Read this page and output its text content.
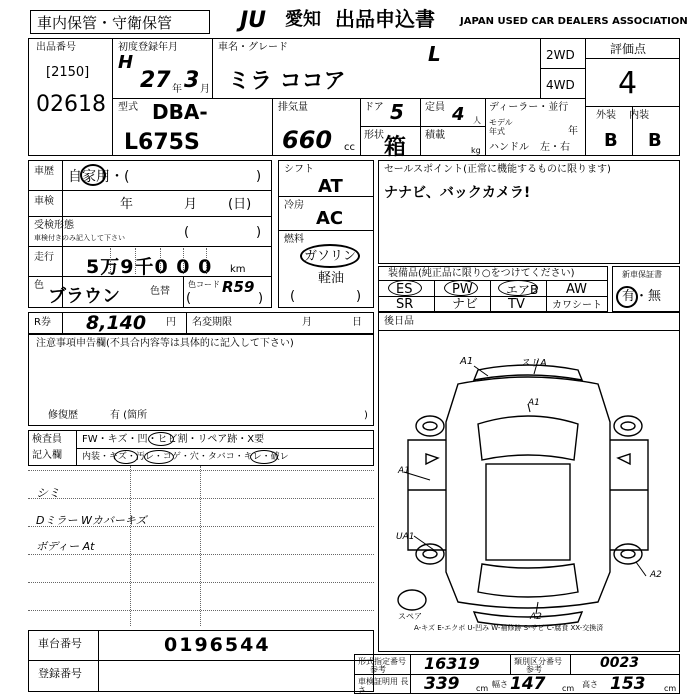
車内保管・守衛保管	JU	愛知 出品申込書	JAPAN USED CAR DEALERS ASSOCIATION
出品番号
[2150]
02618
初度登録年月
H
27 年 3 月
車名・グレード
ミラ ココア
L	2WD
4WD
評価点
4
外装 内装
B B
型式 DBA-
L675S
排気量
660 cc
ドア 5
形状 箱
定員 4 人
積載
kg
ディーラー・並行
モデル 年式	年
ハンドル 左・右
車歴 自家用・(	)
車検	年	月 (日)
受検形態
車検付きのみ記入して下さい	(	)
走行 5万9千0 0 0 km
色
ブラウン	色替
色コード
(
R59
)
シフト
AT
冷房
AC
燃料
ガソリン
軽油
(	)
セールスポイント(正常に機能するものに限ります)
ナナビ、バックカメラ!
装備品(純正品に限り○をつけてください)
ES	PW	エアB AW
SR	ナビ TV	カワシート
新車保証書
有・無
R券 8,140 円 名変期限	月	日
注意事項申告欄(不具合内容等は具体的に記入して下さい)
修復歴	有 (箇所	)
検査員
記入欄
FW・キズ・凹・ヒビ割・リペア跡・X要
内装・キズ・汚レ・コゲ・穴・タバコ・キレ・破レ
シミ
Dミラー Wカバーキズ
ボディー At
後日品
A1	スリA
A1
A1
UA1
A2
A2
スペア
A-キズ E-エクボ U-凹み W-補修跡 S-サビ C-腐食 XX-交換済
車台番号	0196544
登録番号
形式指定番号
参考 16319	類別区分番号
参考	0023
車検証明用 長さ	339 cm 幅さ 147 cm 高さ 153 cm
